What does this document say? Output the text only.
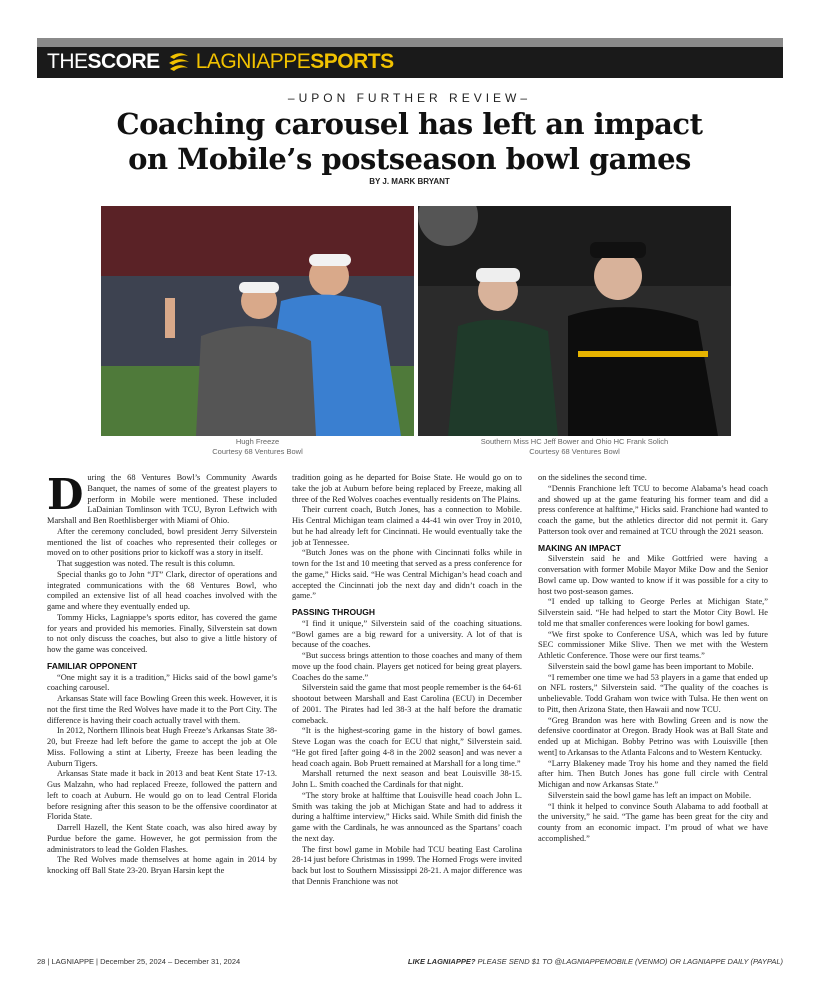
THE SCORE LAGNIAPPE SPORTS
–UPON FURTHER REVIEW–
Coaching carousel has left an impact
on Mobile’s postseason bowl games
BY J. MARK BRYANT
Hugh Freeze
Courtesy 68 Ventures Bowl
Southern Miss HC Jeff Bower and Ohio HC Frank Solich
Courtesy 68 Ventures Bowl
D uring the 68 Ventures Bowl’s Community Awards Banquet, the names of some of the greatest players to perform in Mobile were mentioned. These included LaDainian Tomlinson with TCU, Byron Leftwich with Marshall and Ben Roethlisberger with Miami of Ohio.

After the ceremony concluded, bowl president Jerry Silverstein mentioned the list of coaches who represented their colleges or moved on to other positions prior to kickoff was a story in itself.

That suggestion was noted. The result is this column.

Special thanks go to John “JT” Clark, director of operations and integrated communications with the 68 Ventures Bowl, who compiled an extensive list of all head coaches involved with the game and where they eventually ended up.

Tommy Hicks, Lagniappe’s sports editor, has covered the game for years and provided his memories. Finally, Silverstein sat down to not only discuss the coaches, but also to give a little history of how the game was conceived.

FAMILIAR OPPONENT

“One might say it is a tradition,” Hicks said of the bowl game’s coaching carousel.

Arkansas State will face Bowling Green this week. However, it is not the first time the Red Wolves have made it to the Port City. The difference is having their coach actually travel with them.

In 2012, Northern Illinois beat Hugh Freeze’s Arkansas State 38-20, but Freeze had left before the game to accept the job at Ole Miss. Following a stint at Liberty, Freeze has been leading the Auburn Tigers.

Arkansas State made it back in 2013 and beat Kent State 17-13. Gus Malzahn, who had replaced Freeze, followed the pattern and left to coach at Auburn. He would go on to lead Central Florida before resigning after this season to be the offensive coordinator at Florida State.

Darrell Hazell, the Kent State coach, was also hired away by Purdue before the game. However, he got permission from the administrators to lead the Golden Flashes.

The Red Wolves made themselves at home again in 2014 by knocking off Ball State 23-20. Bryan Harsin kept the

tradition going as he departed for Boise State. He would go on to take the job at Auburn before being replaced by Freeze, making all three of the Red Wolves coaches eventually residents on The Plains.

Their current coach, Butch Jones, has a connection to Mobile. His Central Michigan team claimed a 44-41 win over Troy in 2010, but he had already left for Cincinnati. He would eventually take the job at Tennessee.

“Butch Jones was on the phone with Cincinnati folks while in town for the 1st and 10 meeting that served as a press conference for the game,” Hicks said. “He was Central Michigan’s head coach and accepted the Cincinnati job the next day and didn’t coach in the game.”

PASSING THROUGH

“I find it unique,” Silverstein said of the coaching situations. “Bowl games are a big reward for a university. A lot of that is because of the coaches.

“But success brings attention to those coaches and many of them move up the food chain. Players get noticed for being great players. Coaches do the same.”

Silverstein said the game that most people remember is the 64-61 shootout between Marshall and East Carolina (ECU) in December of 2001. The Pirates had led 38-3 at the half before the dramatic comeback.

“It is the highest-scoring game in the history of bowl games. Steve Logan was the coach for ECU that night,” Silverstein said. “He got fired [after going 4-8 in the 2002 season] and was never a head coach again. Bob Pruett remained at Marshall for a long time.”

Marshall returned the next season and beat Louisville 38-15. John L. Smith coached the Cardinals for that night.

“The story broke at halftime that Louisville head coach John L. Smith was taking the job at Michigan State and had to address it during a halftime interview,” Hicks said. While Smith did finish the game with the Cardinals, he was announced as the Spartans’ coach the next day.

The first bowl game in Mobile had TCU beating East Carolina 28-14 just before Christmas in 1999. The Horned Frogs were invited back but lost to Southern Mississippi 28-21. A major difference was that Dennis Franchione was not

on the sidelines the second time.

“Dennis Franchione left TCU to become Alabama’s head coach and showed up at the game featuring his former team and did a press conference at halftime,” Hicks said. Franchione had wanted to coach the game, but the athletics director did not permit it. Gary Patterson took over and remained at TCU through the 2021 season.

MAKING AN IMPACT

Silverstein said he and Mike Gottfried were having a conversation with former Mobile Mayor Mike Dow and the Senior Bowl came up. Dow wanted to know if it was possible for a city to host two post-season games.

“I ended up talking to George Perles at Michigan State,” Silverstein said. “He had helped to start the Motor City Bowl. He told me that smaller conferences were looking for bowl games.

“We first spoke to Conference USA, which was led by future SEC commissioner Mike Slive. Then we met with the Western Athletic Conference. Those were our first teams.”

Silverstein said the bowl game has been important to Mobile.

“I remember one time we had 53 players in a game that ended up on NFL rosters,” Silverstein said. “The quality of the coaches is unbelievable. Todd Graham won twice with Tulsa. He then went on to Pitt, then Arizona State, then Hawaii and now TCU.

“Greg Brandon was here with Bowling Green and is now the defensive coordinator at Oregon. Brady Hook was at Ball State and ended up at Michigan. Bobby Petrino was with Louisville [then went] to Arkansas to the Atlanta Falcons and to Western Kentucky.

“Larry Blakeney made Troy his home and they named the field after him. Then Butch Jones has gone full circle with Central Michigan and now Arkansas State.”

Silverstein said the bowl game has left an impact on Mobile.

“I think it helped to convince South Alabama to add football at the university,” he said. “The game has been great for the city and county from an economic impact. I’m proud of what we have accomplished.”

28 | LAGNIAPPE | December 25, 2024 – December 31, 2024	LIKE LAGNIAPPE? PLEASE SEND $1 TO @LAGNIAPPEMOBILE (VENMO) OR LAGNIAPPE DAILY (PAYPAL)
